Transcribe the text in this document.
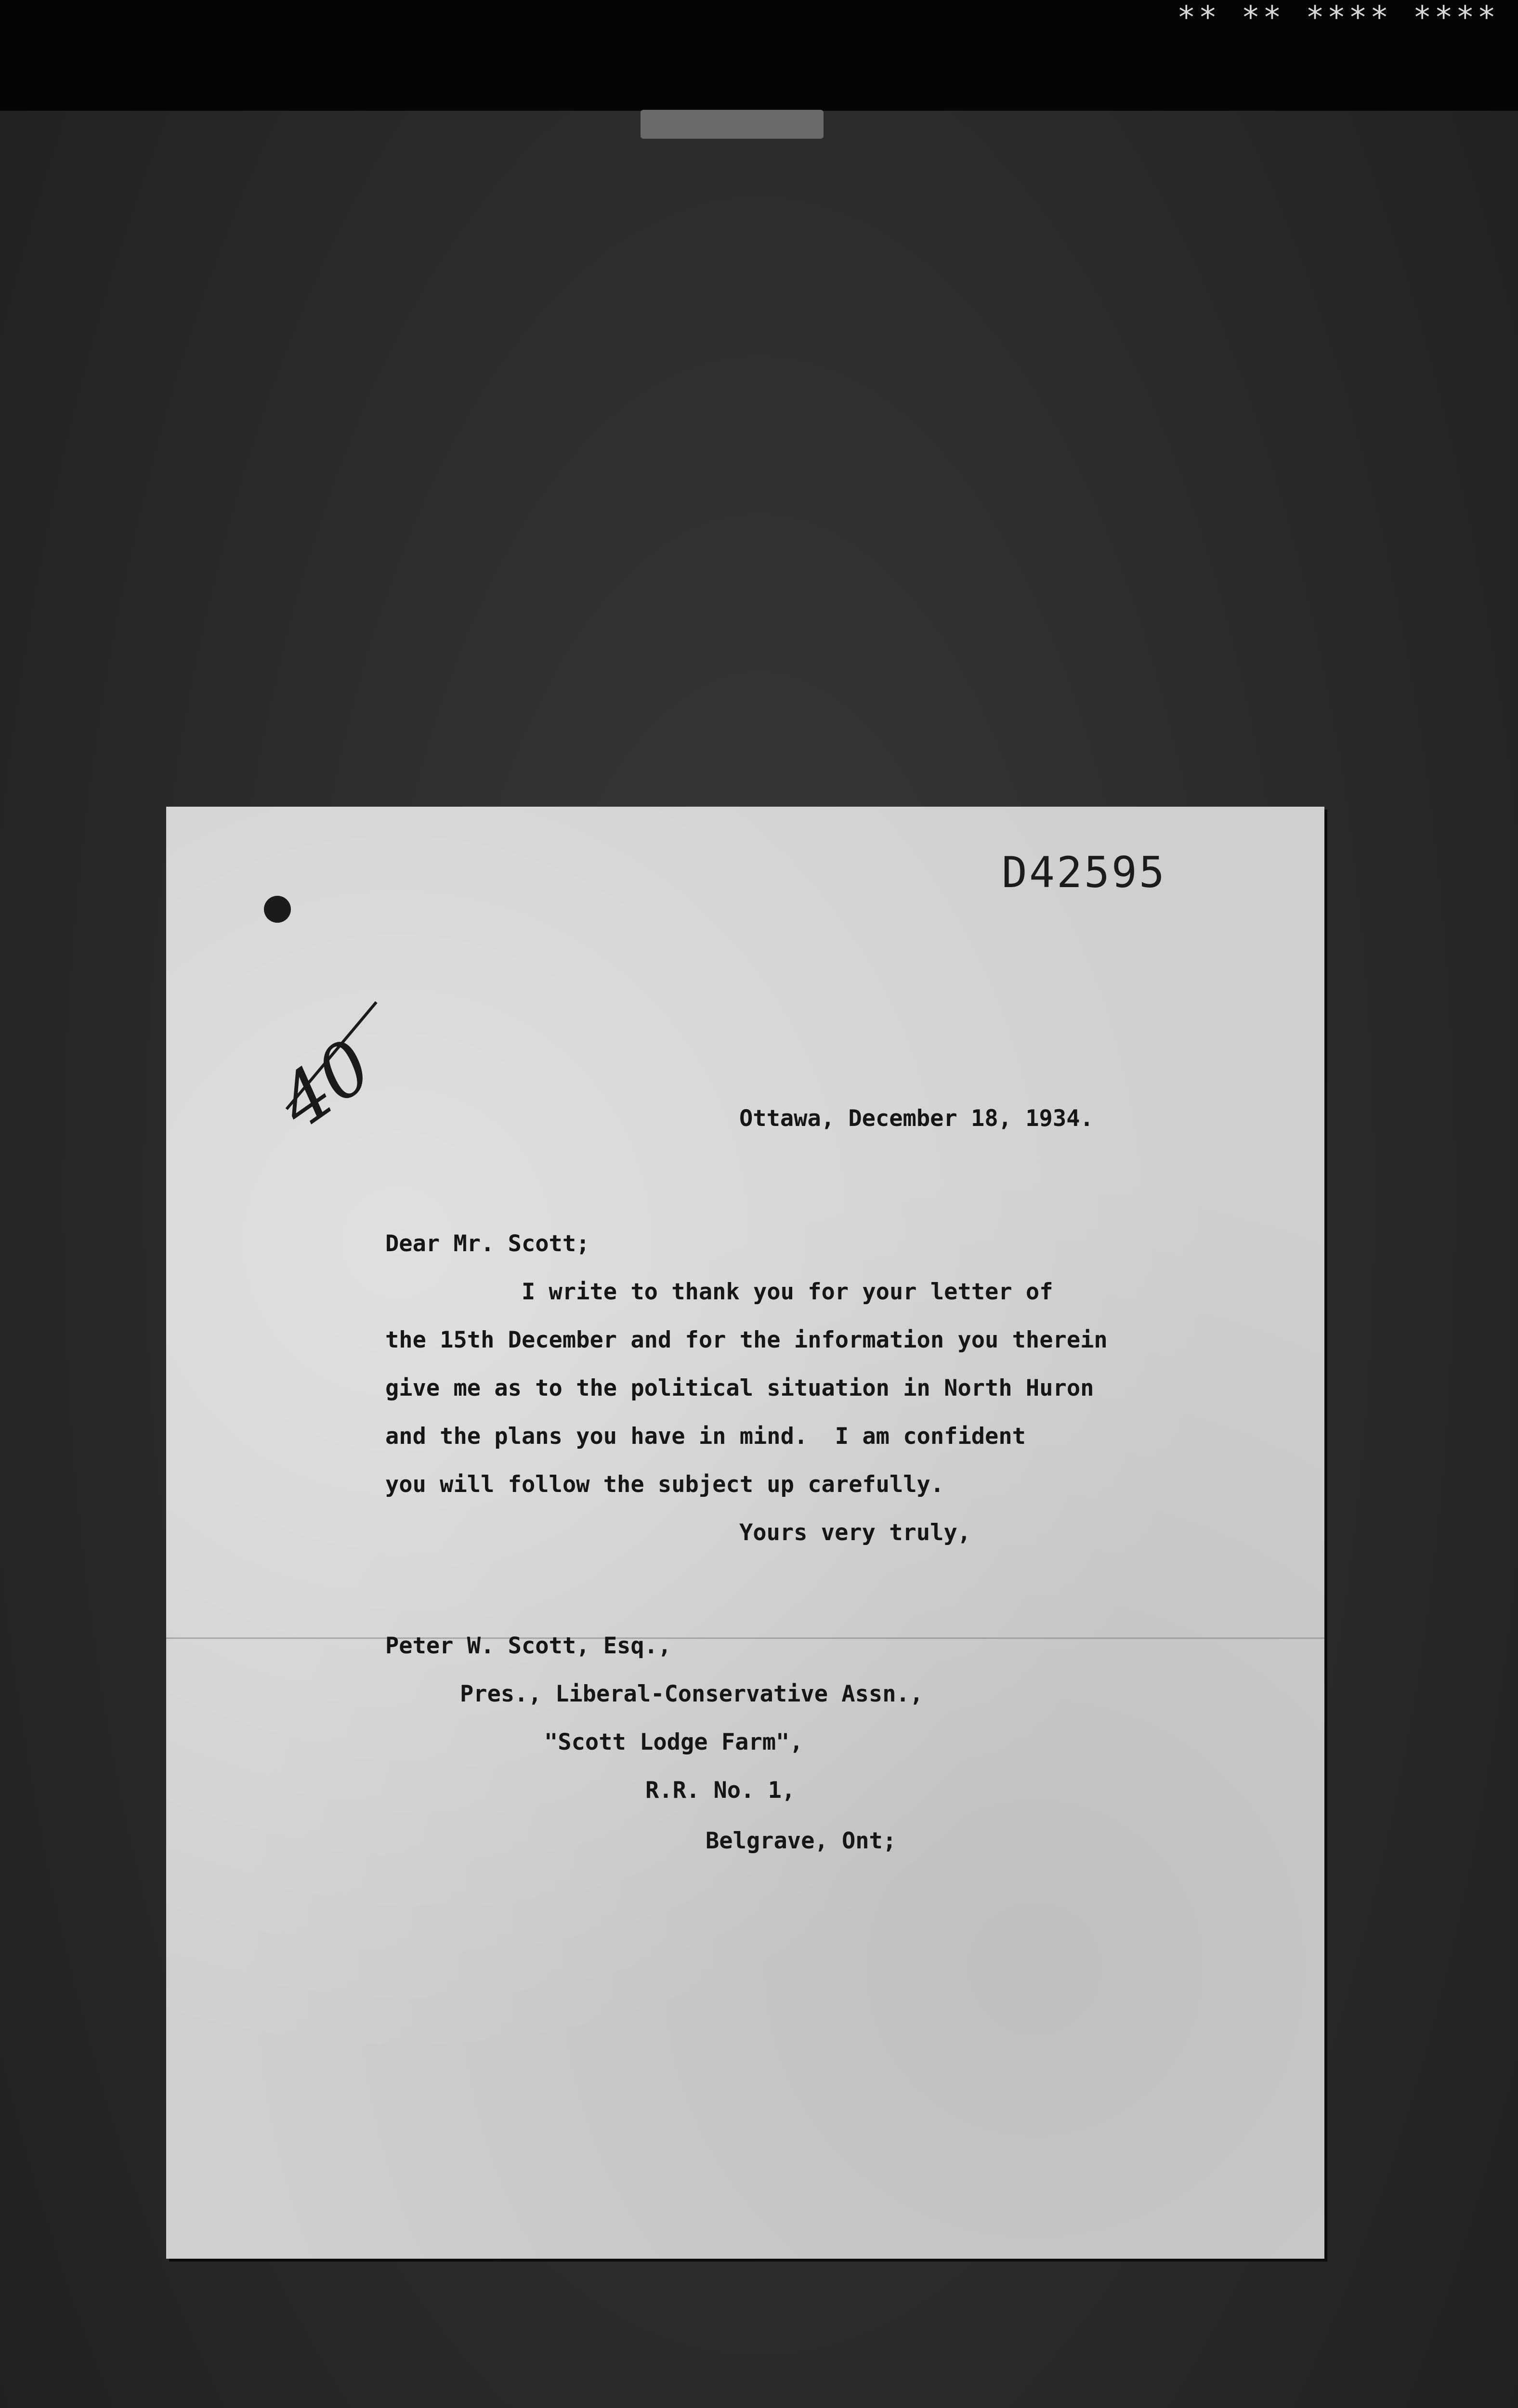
** ** **** ****
D42595
40	Ottawa, December 18, 1934.
Dear Mr. Scott;
I write to thank you for your letter of
the 15th December and for the information you therein
give me as to the political situation in North Huron
and the plans you have in mind.  I am confident
you will follow the subject up carefully.
Yours very truly,
Peter W. Scott, Esq.,
Pres., Liberal-Conservative Assn.,
"Scott Lodge Farm",
R.R. No. 1,
Belgrave, Ont;
